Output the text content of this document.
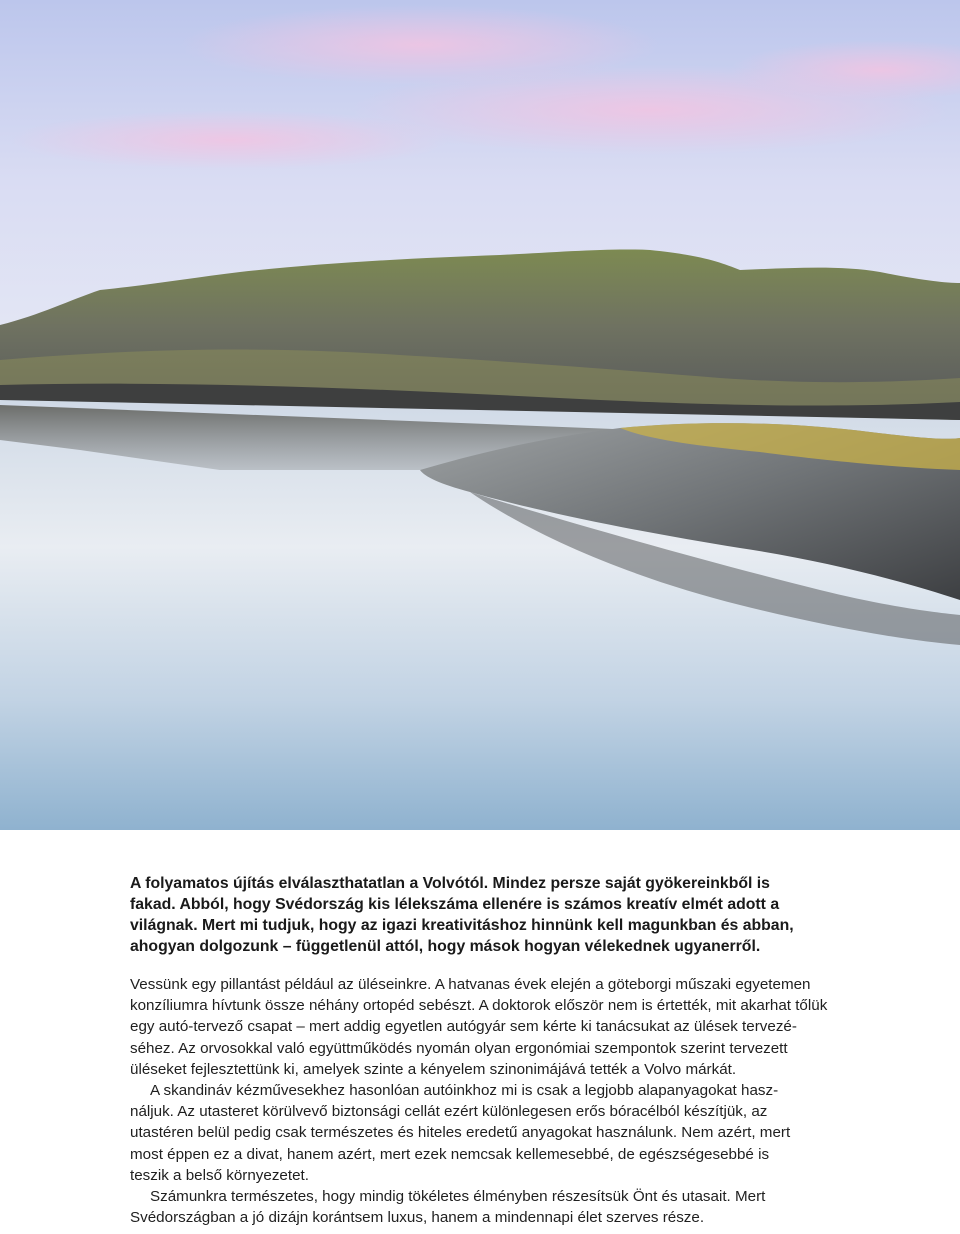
A folyamatos újítás elválaszthatatlan a Volvótól. Mindez persze saját gyökereinkből is
fakad. Abból, hogy Svédország kis lélekszáma ellenére is számos kreatív elmét adott a
világnak. Mert mi tudjuk, hogy az igazi kreativitáshoz hinnünk kell magunkban és abban,
ahogyan dolgozunk – függetlenül attól, hogy mások hogyan vélekednek ugyanerről.

Vessünk egy pillantást például az üléseinkre. A hatvanas évek elején a göteborgi műszaki egyetemen
konzíliumra hívtunk össze néhány ortopéd sebészt. A doktorok először nem is értették, mit akarhat tőlük
egy autó-tervező csapat – mert addig egyetlen autógyár sem kérte ki tanácsukat az ülések tervezé-
séhez. Az orvosokkal való együttműködés nyomán olyan ergonómiai szempontok szerint tervezett
üléseket fejlesztettünk ki, amelyek szinte a kényelem szinonimájává tették a Volvo márkát.

A skandináv kézművesekhez hasonlóan autóinkhoz mi is csak a legjobb alapanyagokat hasz-
náljuk. Az utasteret körülvevő biztonsági cellát ezért különlegesen erős bóracélból készítjük, az
utastéren belül pedig csak természetes és hiteles eredetű anyagokat használunk. Nem azért, mert
most éppen ez a divat, hanem azért, mert ezek nemcsak kellemesebbé, de egészségesebbé is
teszik a belső környezetet.

Számunkra természetes, hogy mindig tökéletes élményben részesítsük Önt és utasait. Mert
Svédországban a jó dizájn korántsem luxus, hanem a mindennapi élet szerves része.
